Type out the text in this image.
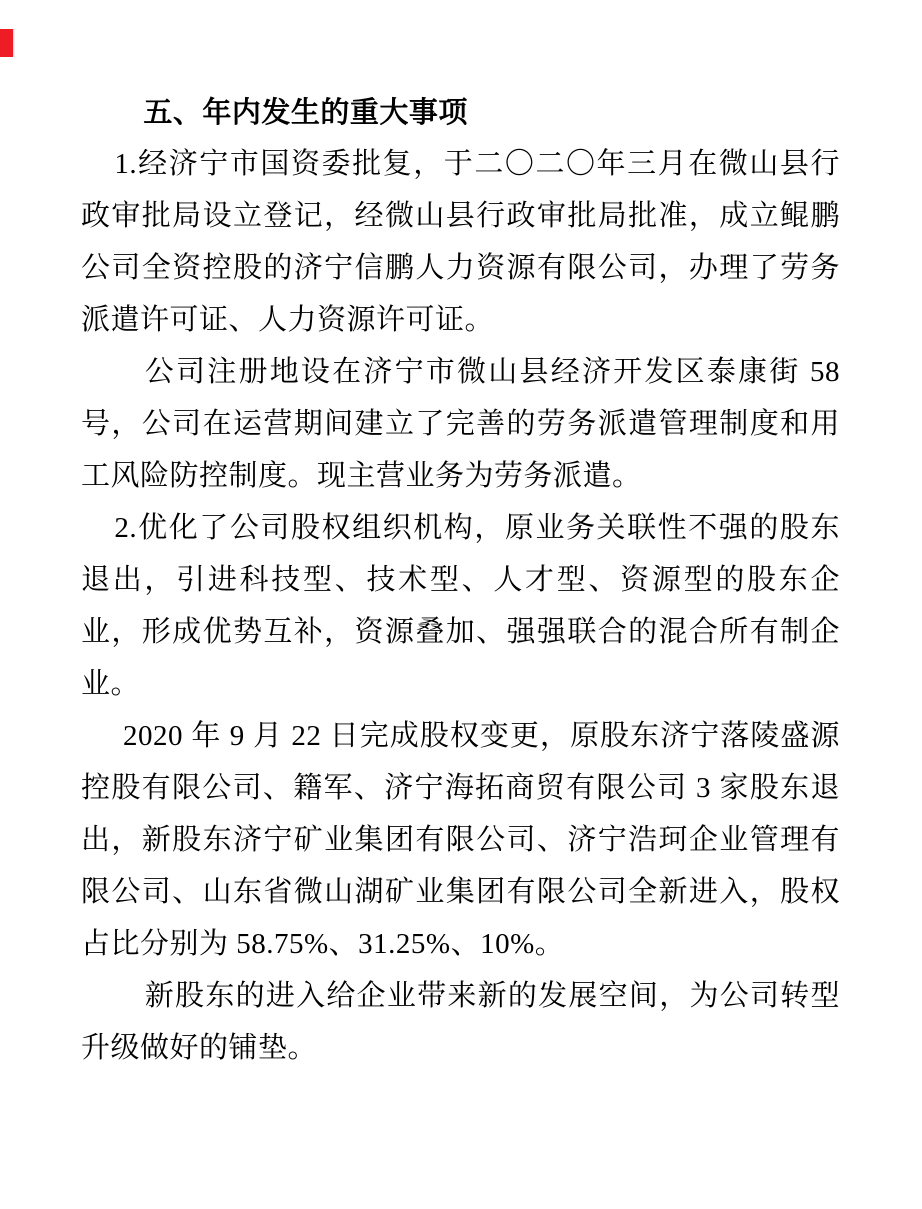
五、年内发生的重大事项

1.经济宁市国资委批复，于二〇二〇年三月在微山县行政审批局设立登记，经微山县行政审批局批准，成立鲲鹏公司全资控股的济宁信鹏人力资源有限公司，办理了劳务派遣许可证、人力资源许可证。

公司注册地设在济宁市微山县经济开发区泰康街 58 号，公司在运营期间建立了完善的劳务派遣管理制度和用工风险防控制度。现主营业务为劳务派遣。

2.优化了公司股权组织机构，原业务关联性不强的股东退出，引进科技型、技术型、人才型、资源型的股东企业，形成优势互补，资源叠加、强强联合的混合所有制企业。

2020 年 9 月 22 日完成股权变更，原股东济宁落陵盛源控股有限公司、籍军、济宁海拓商贸有限公司 3 家股东退出，新股东济宁矿业集团有限公司、济宁浩珂企业管理有限公司、山东省微山湖矿业集团有限公司全新进入，股权占比分别为 58.75%、31.25%、10%。

新股东的进入给企业带来新的发展空间，为公司转型升级做好的铺垫。
